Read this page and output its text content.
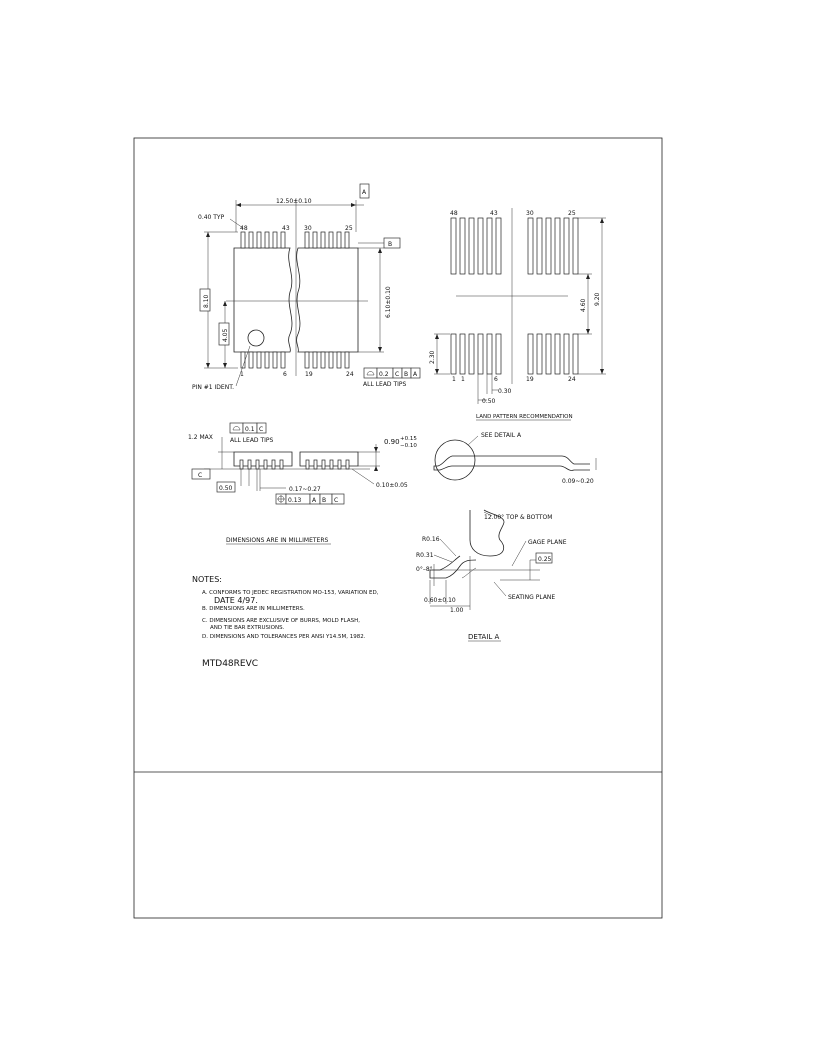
12.50±0.10
A
0.40 TYP
48	43 30	25
1	6	19	24
B
6.10±0.10
8.10
4.05
PIN #1 IDENT.
0.2 C B A
ALL LEAD TIPS
48	43	30	25
1 1	6	19	24
2.30
4.60 9.20
0.30
0.50
LAND PATTERN RECOMMENDATION
1.2 MAX
0.1 C
ALL LEAD TIPS
C
0.50	0.17~0.27
0.13 A B C
0.90 +0.15
−0.10
0.10±0.05
SEE DETAIL A
0.09~0.20
12.00° TOP & BOTTOM
R0.16
R0.31
GAGE PLANE
0.25
0°–8°
0.60±0.10
1.00
SEATING PLANE
DETAIL A
DIMENSIONS ARE IN MILLIMETERS
NOTES:
A. CONFORMS TO JEDEC REGISTRATION MO-153, VARIATION ED,
DATE 4/97.
B. DIMENSIONS ARE IN MILLIMETERS.
C. DIMENSIONS ARE EXCLUSIVE OF BURRS, MOLD FLASH,
AND TIE BAR EXTRUSIONS.
D. DIMENSIONS AND TOLERANCES PER ANSI Y14.5M, 1982.
MTD48REVC
